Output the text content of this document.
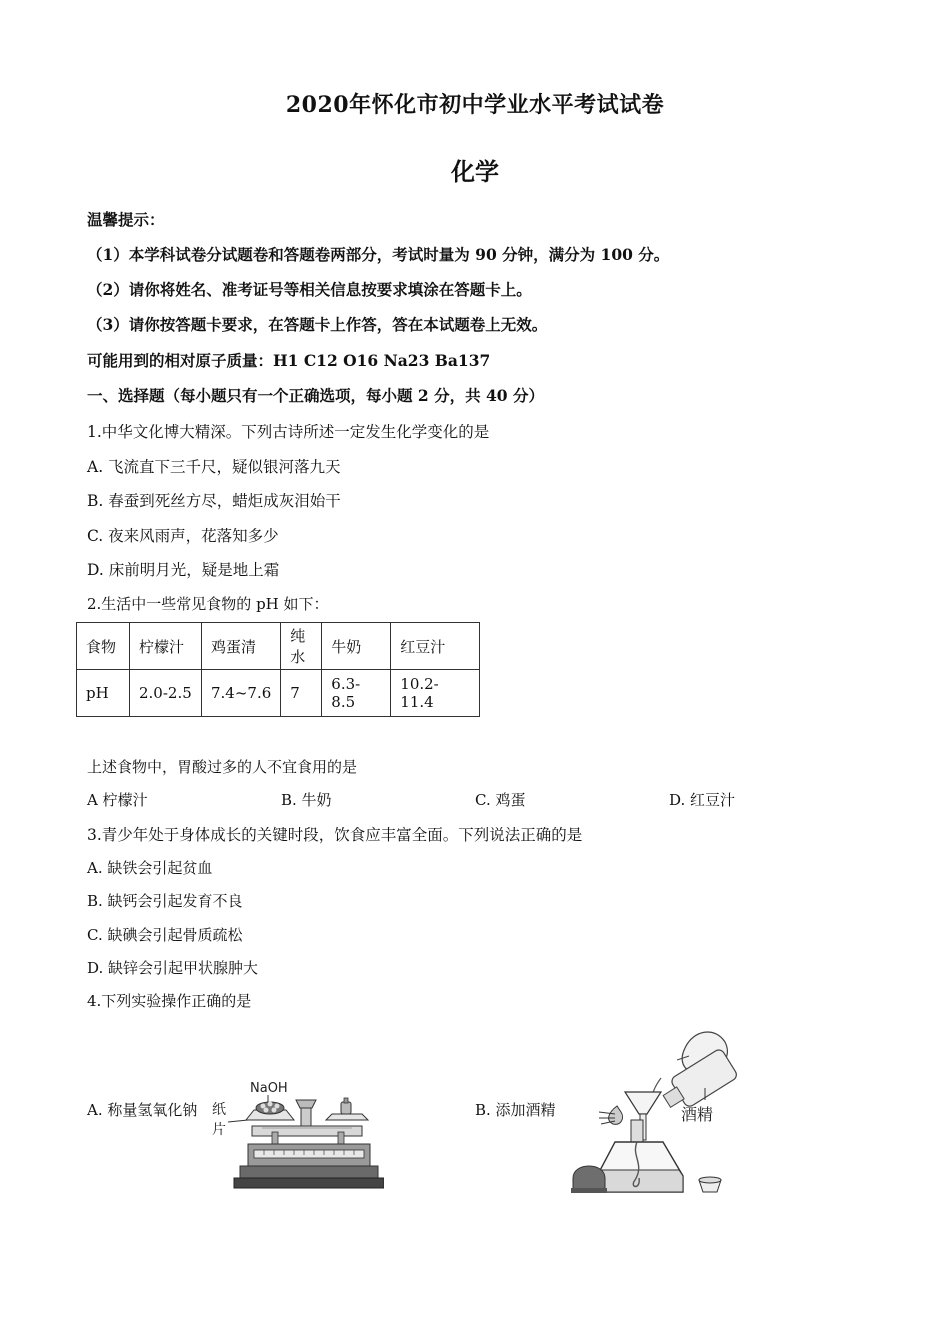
2020年怀化市初中学业水平考试试卷
化学
温馨提示：
（1）本学科试卷分试题卷和答题卷两部分，考试时量为 90 分钟，满分为 100 分。
（2）请你将姓名、准考证号等相关信息按要求填涂在答题卡上。
（3）请你按答题卡要求，在答题卡上作答，答在本试题卷上无效。
可能用到的相对原子质量：H1 C12 O16 Na23 Ba137
一、选择题（每小题只有一个正确选项，每小题 2 分，共 40 分）
1.中华文化博大精深。下列古诗所述一定发生化学变化的是
A. 飞流直下三千尺，疑似银河落九天
B. 春蚕到死丝方尽，蜡炬成灰泪始干
C. 夜来风雨声，花落知多少
D. 床前明月光，疑是地上霜
2.生活中一些常见食物的 pH 如下：
食物	柠檬汁	鸡蛋清	纯水	牛奶	红豆汁
pH	2.0-2.5	7.4~7.6	7	6.3-8.5	10.2-11.4
上述食物中，胃酸过多的人不宜食用的是
A 柠檬汁	B. 牛奶	C. 鸡蛋	D. 红豆汁
3.青少年处于身体成长的关键时段，饮食应丰富全面。下列说法正确的是
A. 缺铁会引起贫血
B. 缺钙会引起发育不良
C. 缺碘会引起骨质疏松
D. 缺锌会引起甲状腺肿大
4.下列实验操作正确的是
A. 称量氢氧化钠
NaOH
纸
片
B. 添加酒精	酒精
